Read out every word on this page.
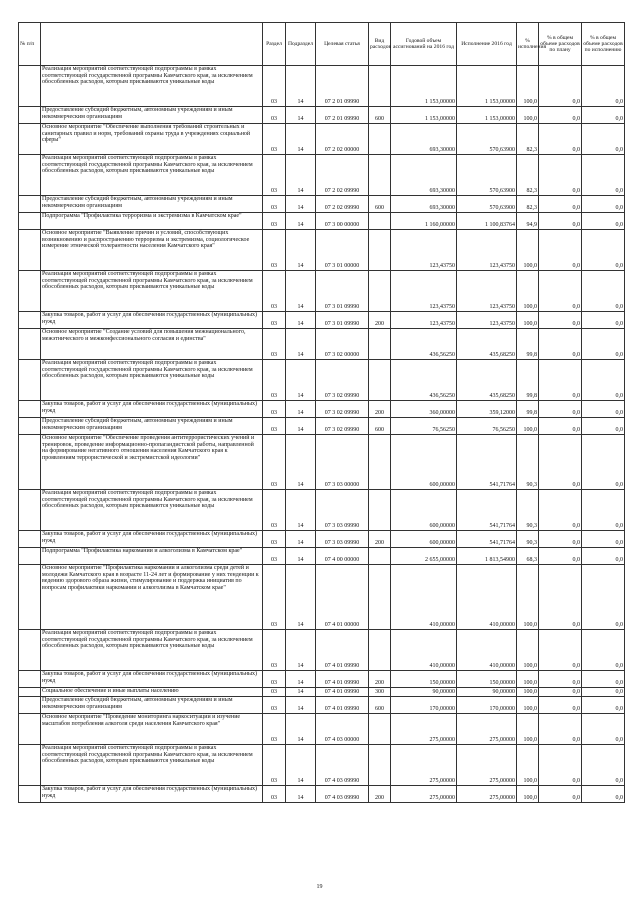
№ п/п		Раздел	Подраздел	Целевая статья	Вид расходов	Годовой объем ассигнований на 2016 год	Исполнение 2016 год	% исполнения	% в общем объеме расходов по плану	% в общем объеме расходов по исполнению
	Реализация мероприятий соответствующей подпрограммы в рамках соответствующей государственной программы Камчатского края, за исключением обособленных расходов, которым присваиваются уникальные коды	03	14	07 2 01 09990		1 153,00000	1 153,00000	100,0	0,0	0,0
	Предоставление субсидий бюджетным, автономным учреждениям и иным некоммерческим организациям	03	14	07 2 01 09990	600	1 153,00000	1 153,00000	100,0	0,0	0,0
	Основное мероприятие "Обеспечение выполнения требований строительных и санитарных правил и норм, требований охраны труда в учреждениях социальной сферы"	03	14	07 2 02 00000		693,30000	570,63900	82,3	0,0	0,0
	Реализация мероприятий соответствующей подпрограммы в рамках соответствующей государственной программы Камчатского края, за исключением обособленных расходов, которым присваиваются уникальные коды	03	14	07 2 02 09990		693,30000	570,63900	82,3	0,0	0,0
	Предоставление субсидий бюджетным, автономным учреждениям и иным некоммерческим организациям	03	14	07 2 02 09990	600	693,30000	570,63900	82,3	0,0	0,0
	Подпрограмма "Профилактика терроризма и экстремизма в Камчатском крае"	03	14	07 3 00 00000		1 160,00000	1 100,83764	94,9	0,0	0,0
	Основное мероприятие "Выявление причин и условий, способствующих возникновению и распространению терроризма и экстремизма, социологическое измерение этнической толерантности населения Камчатского края"	03	14	07 3 01 00000		123,43750	123,43750	100,0	0,0	0,0
	Реализация мероприятий соответствующей подпрограммы в рамках соответствующей государственной программы Камчатского края, за исключением обособленных расходов, которым присваиваются уникальные коды	03	14	07 3 01 09990		123,43750	123,43750	100,0	0,0	0,0
	Закупка товаров, работ и услуг для обеспечения государственных (муниципальных) нужд	03	14	07 3 01 09990	200	123,43750	123,43750	100,0	0,0	0,0
	Основное мероприятие "Создание условий для повышения межнационального, межэтнического и межконфессионального согласия и единства"	03	14	07 3 02 00000		436,56250	435,68250	99,8	0,0	0,0
	Реализация мероприятий соответствующей подпрограммы в рамках соответствующей государственной программы Камчатского края, за исключением обособленных расходов, которым присваиваются уникальные коды	03	14	07 3 02 09990		436,56250	435,68250	99,8	0,0	0,0
	Закупка товаров, работ и услуг для обеспечения государственных (муниципальных) нужд	03	14	07 3 02 09990	200	360,00000	359,12000	99,8	0,0	0,0
	Предоставление субсидий бюджетным, автономным учреждениям и иным некоммерческим организациям	03	14	07 3 02 09990	600	76,56250	76,56250	100,0	0,0	0,0
	Основное мероприятие "Обеспечение проведения антитеррористических учений и тренировок, проведение информационно-пропагандистской работы, направленной на формирование негативного отношения населения Камчатского края к проявлениям террористической и экстремистской идеологии"	03	14	07 3 03 00000		600,00000	541,71764	90,3	0,0	0,0
	Реализация мероприятий соответствующей подпрограммы в рамках соответствующей государственной программы Камчатского края, за исключением обособленных расходов, которым присваиваются уникальные коды	03	14	07 3 03 09990		600,00000	541,71764	90,3	0,0	0,0
	Закупка товаров, работ и услуг для обеспечения государственных (муниципальных) нужд	03	14	07 3 03 09990	200	600,00000	541,71764	90,3	0,0	0,0
	Подпрограмма "Профилактика наркомании и алкоголизма в Камчатском крае"	03	14	07 4 00 00000		2 655,00000	1 813,54900	68,3	0,0	0,0
	Основное мероприятие "Профилактика наркомании и алкоголизма среди детей и молодежи Камчатского края в возрасте 11-24 лет и формирование у них тенденции к ведению здорового образа жизни, стимулирование и поддержка инициатив по вопросам профилактики наркомании и алкоголизма в Камчатском крае"	03	14	07 4 01 00000		410,00000	410,00000	100,0	0,0	0,0
	Реализация мероприятий соответствующей подпрограммы в рамках соответствующей государственной программы Камчатского края, за исключением обособленных расходов, которым присваиваются уникальные коды	03	14	07 4 01 09990		410,00000	410,00000	100,0	0,0	0,0
	Закупка товаров, работ и услуг для обеспечения государственных (муниципальных) нужд	03	14	07 4 01 09990	200	150,00000	150,00000	100,0	0,0	0,0
	Социальное обеспечение и иные выплаты населению	03	14	07 4 01 09990	300	90,00000	90,00000	100,0	0,0	0,0
	Предоставление субсидий бюджетным, автономным учреждениям и иным некоммерческим организациям	03	14	07 4 01 09990	600	170,00000	170,00000	100,0	0,0	0,0
	Основное мероприятие "Проведение мониторинга наркоситуации и изучение масштабов потребления алкоголя среди населения Камчатского края"	03	14	07 4 03 00000		275,00000	275,00000	100,0	0,0	0,0
	Реализация мероприятий соответствующей подпрограммы в рамках соответствующей государственной программы Камчатского края, за исключением обособленных расходов, которым присваиваются уникальные коды	03	14	07 4 03 09990		275,00000	275,00000	100,0	0,0	0,0
	Закупка товаров, работ и услуг для обеспечения государственных (муниципальных) нужд	03	14	07 4 03 09990	200	275,00000	275,00000	100,0	0,0	0,0
19
